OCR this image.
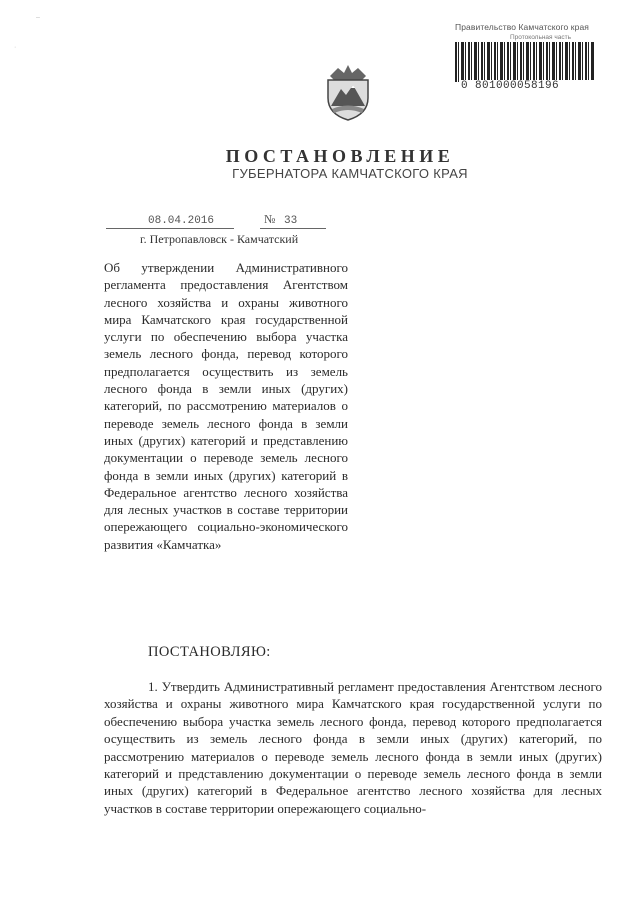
–
·
Правительство Камчатского края
Протокольная часть
0 801000058196
ПОСТАНОВЛЕНИЕ
ГУБЕРНАТОРА КАМЧАТСКОГО КРАЯ
08.04.2016	№ 33
г. Петропавловск - Камчатский
Об утверждении Административного регламента предоставления Агентством лесного хозяйства и охраны животного мира Камчатского края государственной услуги по обеспечению выбора участка земель лесного фонда, перевод которого предполагается осуществить из земель лесного фонда в земли иных (других) категорий, по рассмотрению материалов о переводе земель лесного фонда в земли иных (других) категорий и представлению документации о переводе земель лесного фонда в земли иных (других) категорий в Федеральное агентство лесного хозяйства для лесных участков в составе территории опережающего социально-экономического развития «Камчатка»
ПОСТАНОВЛЯЮ:
1. Утвердить Административный регламент предоставления Агентством лесного хозяйства и охраны животного мира Камчатского края государственной услуги по обеспечению выбора участка земель лесного фонда, перевод которого предполагается осуществить из земель лесного фонда в земли иных (других) категорий, по рассмотрению материалов о переводе земель лесного фонда в земли иных (других) категорий и представлению документации о переводе земель лесного фонда в земли иных (других) категорий в Федеральное агентство лесного хозяйства для лесных участков в составе территории опережающего социально-
